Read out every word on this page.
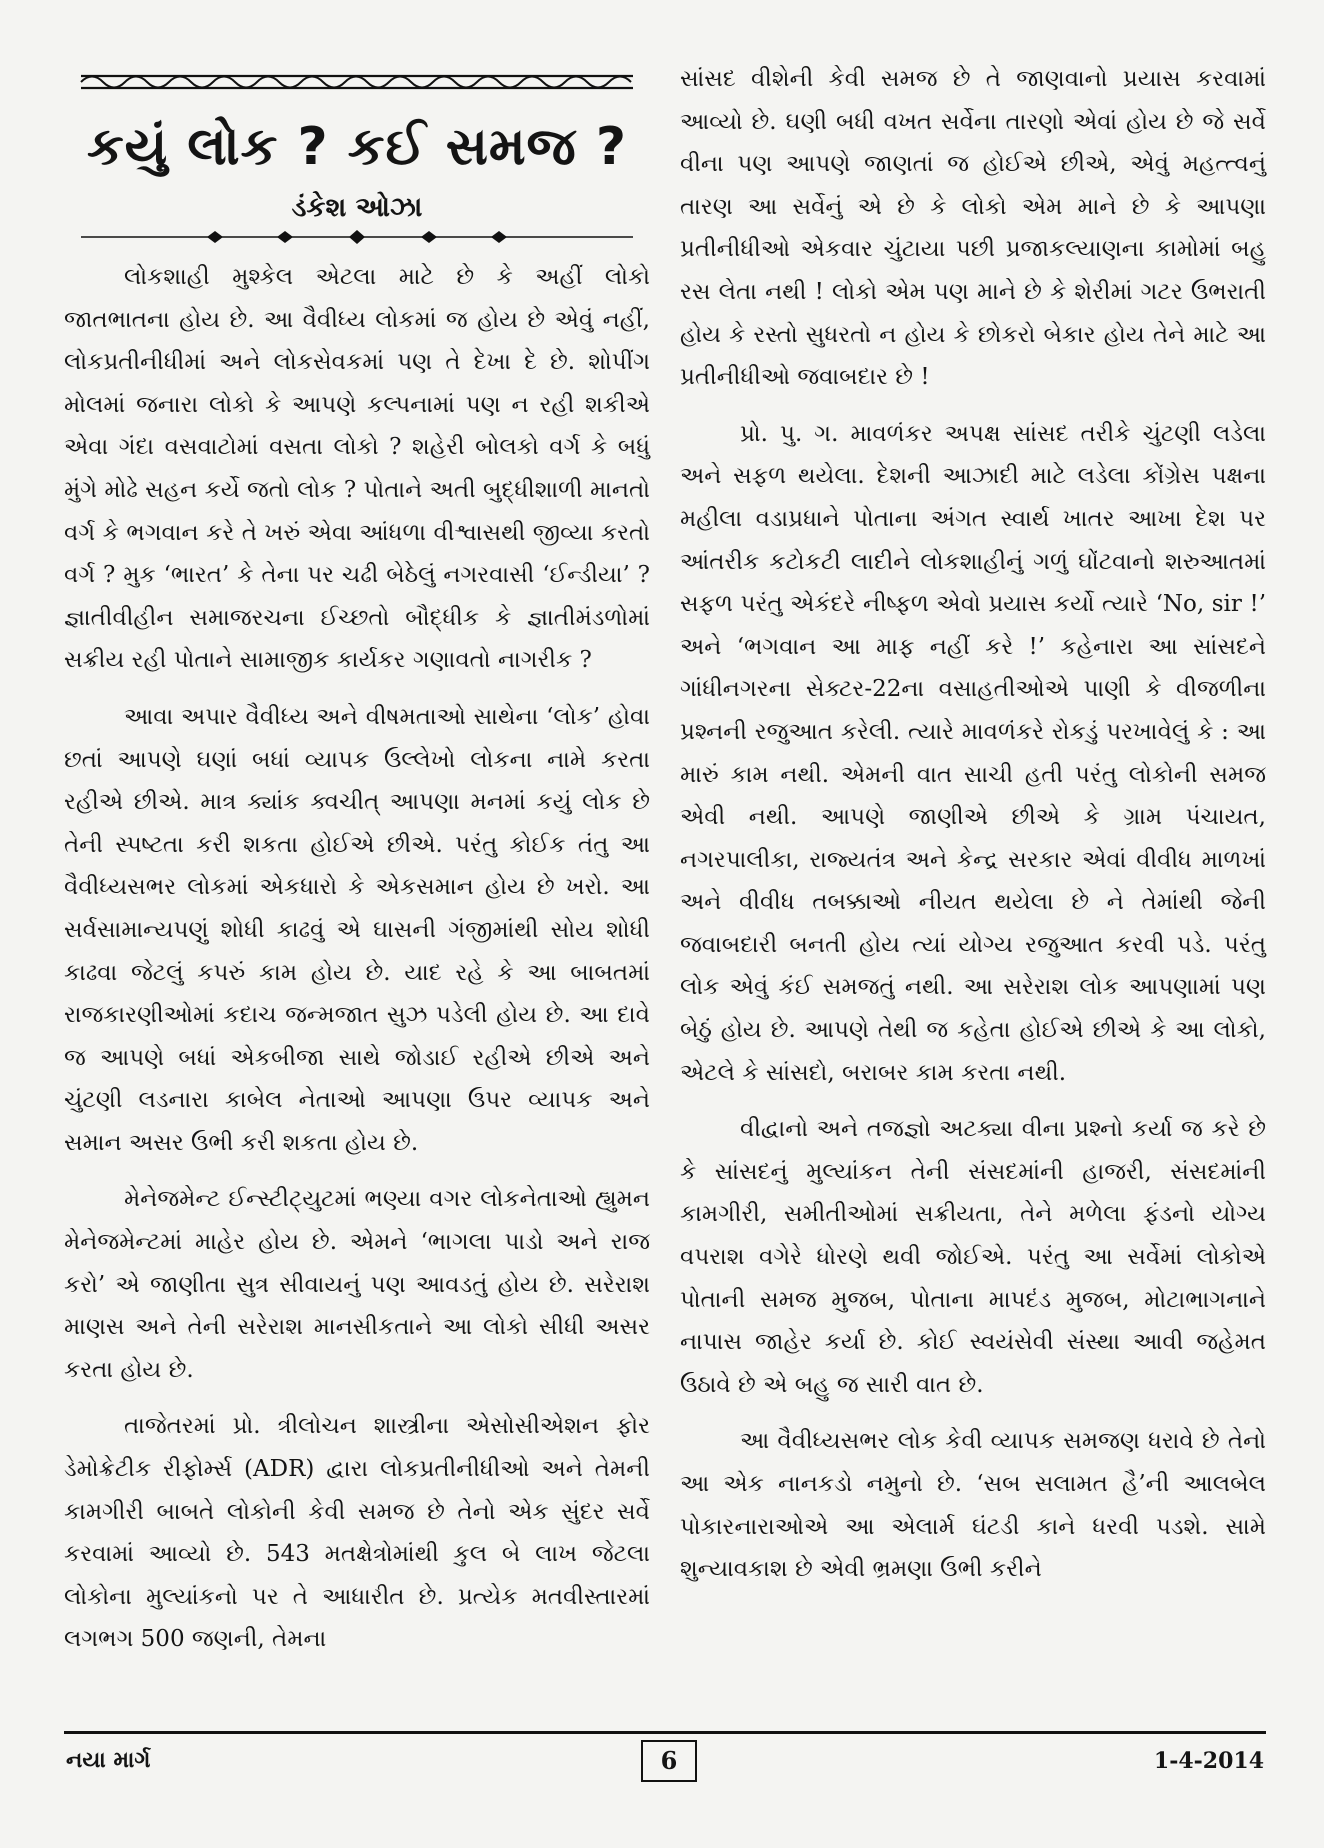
કયું લોક ? કઈ સમજ ?
ડંકેશ ઓઝા

લોકશાહી મુશ્કેલ એટલા માટે છે કે અહીં લોકો જાતભાતના હોય છે. આ વૈવીધ્ય લોકમાં જ હોય છે એવું નહીં, લોકપ્રતીનીધીમાં અને લોકસેવકમાં પણ તે દેખા દે છે. શોપીંગ મોલમાં જનારા લોકો કે આપણે કલ્પનામાં પણ ન રહી શકીએ એવા ગંદા વસવાટોમાં વસતા લોકો ? શહેરી બોલકો વર્ગ કે બધું મુંગે મોઢે સહન કર્યે જતો લોક ? પોતાને અતી બુદ્ધીશાળી માનતો વર્ગ કે ભગવાન કરે તે ખરું એવા આંધળા વીશ્વાસથી જીવ્યા કરતો વર્ગ ? મુક ‘ભારત’ કે તેના પર ચઢી બેઠેલું નગરવાસી ‘ઈન્ડીયા’ ? જ્ઞાતીવીહીન સમાજરચના ઈચ્છતો બૌદ્ધીક કે જ્ઞાતીમંડળોમાં સક્રીય રહી પોતાને સામાજીક કાર્યકર ગણાવતો નાગરીક ?

આવા અપાર વૈવીધ્ય અને વીષમતાઓ સાથેના ‘લોક’ હોવા છતાં આપણે ઘણાં બધાં વ્યાપક ઉલ્લેખો લોકના નામે કરતા રહીએ છીએ. માત્ર ક્યાંક ક્વચીત્ આપણા મનમાં કયું લોક છે તેની સ્પષ્ટતા કરી શકતા હોઈએ છીએ. પરંતુ કોઈક તંતુ આ વૈવીધ્યસભર લોકમાં એકધારો કે એકસમાન હોય છે ખરો. આ સર્વસામાન્યપણું શોધી કાઢવું એ ઘાસની ગંજીમાંથી સોય શોધી કાઢવા જેટલું કપરું કામ હોય છે. યાદ રહે કે આ બાબતમાં રાજકારણીઓમાં કદાચ જન્મજાત સુઝ પડેલી હોય છે. આ દાવે જ આપણે બધાં એકબીજા સાથે જોડાઈ રહીએ છીએ અને ચુંટણી લડનારા કાબેલ નેતાઓ આપણા ઉપર વ્યાપક અને સમાન અસર ઉભી કરી શકતા હોય છે.

મેનેજમેન્ટ ઈન્સ્ટીટ્યુટમાં ભણ્યા વગર લોકનેતાઓ હ્યુમન મેનેજમેન્ટમાં માહેર હોય છે. એમને ‘ભાગલા પાડો અને રાજ કરો’ એ જાણીતા સુત્ર સીવાયનું પણ આવડતું હોય છે. સરેરાશ માણસ અને તેની સરેરાશ માનસીકતાને આ લોકો સીધી અસર કરતા હોય છે.

તાજેતરમાં પ્રો. ત્રીલોચન શાસ્ત્રીના એસોસીએશન ફોર ડેમોક્રેટીક રીફોર્મ્સ (ADR) દ્વારા લોકપ્રતીનીધીઓ અને તેમની કામગીરી બાબતે લોકોની કેવી સમજ છે તેનો એક સુંદર સર્વે કરવામાં આવ્યો છે. 543 મતક્ષેત્રોમાંથી કુલ બે લાખ જેટલા લોકોના મુલ્યાંકનો પર તે આધારીત છે. પ્રત્યેક મતવીસ્તારમાં લગભગ 500 જણની, તેમના

સાંસદ વીશેની કેવી સમજ છે તે જાણવાનો પ્રયાસ કરવામાં આવ્યો છે. ઘણી બધી વખત સર્વેના તારણો એવાં હોય છે જે સર્વે વીના પણ આપણે જાણતાં જ હોઈએ છીએ, એવું મહત્ત્વનું તારણ આ સર્વેનું એ છે કે લોકો એમ માને છે કે આપણા પ્રતીનીધીઓ એકવાર ચુંટાયા પછી પ્રજાકલ્યાણના કામોમાં બહુ રસ લેતા નથી ! લોકો એમ પણ માને છે કે શેરીમાં ગટર ઉભરાતી હોય કે રસ્તો સુધરતો ન હોય કે છોકરો બેકાર હોય તેને માટે આ પ્રતીનીધીઓ જવાબદાર છે !

પ્રો. પુ. ગ. માવળંકર અપક્ષ સાંસદ તરીકે ચુંટણી લડેલા અને સફળ થયેલા. દેશની આઝાદી માટે લડેલા કોંગ્રેસ પક્ષના મહીલા વડાપ્રધાને પોતાના અંગત સ્વાર્થ ખાતર આખા દેશ પર આંતરીક કટોકટી લાદીને લોકશાહીનું ગળું ઘોંટવાનો શરુઆતમાં સફળ પરંતુ એકંદરે નીષ્ફળ એવો પ્રયાસ કર્યો ત્યારે ‘No, sir !’ અને ‘ભગવાન આ માફ નહીં કરે !’ કહેનારા આ સાંસદને ગાંધીનગરના સેક્ટર-22ના વસાહતીઓએ પાણી કે વીજળીના પ્રશ્નની રજુઆત કરેલી. ત્યારે માવળંકરે રોકડું પરખાવેલું કે : આ મારું કામ નથી. એમની વાત સાચી હતી પરંતુ લોકોની સમજ એવી નથી. આપણે જાણીએ છીએ કે ગ્રામ પંચાયત, નગરપાલીકા, રાજ્યતંત્ર અને કેન્દ્ર સરકાર એવાં વીવીધ માળખાં અને વીવીધ તબક્કાઓ નીયત થયેલા છે ને તેમાંથી જેની જવાબદારી બનતી હોય ત્યાં યોગ્ય રજુઆત કરવી પડે. પરંતુ લોક એવું કંઈ સમજતું નથી. આ સરેરાશ લોક આપણામાં પણ બેઠું હોય છે. આપણે તેથી જ કહેતા હોઈએ છીએ કે આ લોકો, એટલે કે સાંસદો, બરાબર કામ કરતા નથી.

વીદ્વાનો અને તજજ્ઞો અટક્યા વીના પ્રશ્નો કર્યા જ કરે છે કે સાંસદનું મુલ્યાંકન તેની સંસદમાંની હાજરી, સંસદમાંની કામગીરી, સમીતીઓમાં સક્રીયતા, તેને મળેલા ફંડનો યોગ્ય વપરાશ વગેરે ધોરણે થવી જોઈએ. પરંતુ આ સર્વેમાં લોકોએ પોતાની સમજ મુજબ, પોતાના માપદંડ મુજબ, મોટાભાગનાને નાપાસ જાહેર કર્યા છે. કોઈ સ્વયંસેવી સંસ્થા આવી જહેમત ઉઠાવે છે એ બહુ જ સારી વાત છે.

આ વૈવીધ્યસભર લોક કેવી વ્યાપક સમજણ ધરાવે છે તેનો આ એક નાનકડો નમુનો છે. ‘સબ સલામત હૈ’ની આલબેલ પોકારનારાઓએ આ એલાર્મ ઘંટડી કાને ધરવી પડશે. સામે શુન્યાવકાશ છે એવી ભ્રમણા ઉભી કરીને

નયા માર્ગ	6	1-4-2014
